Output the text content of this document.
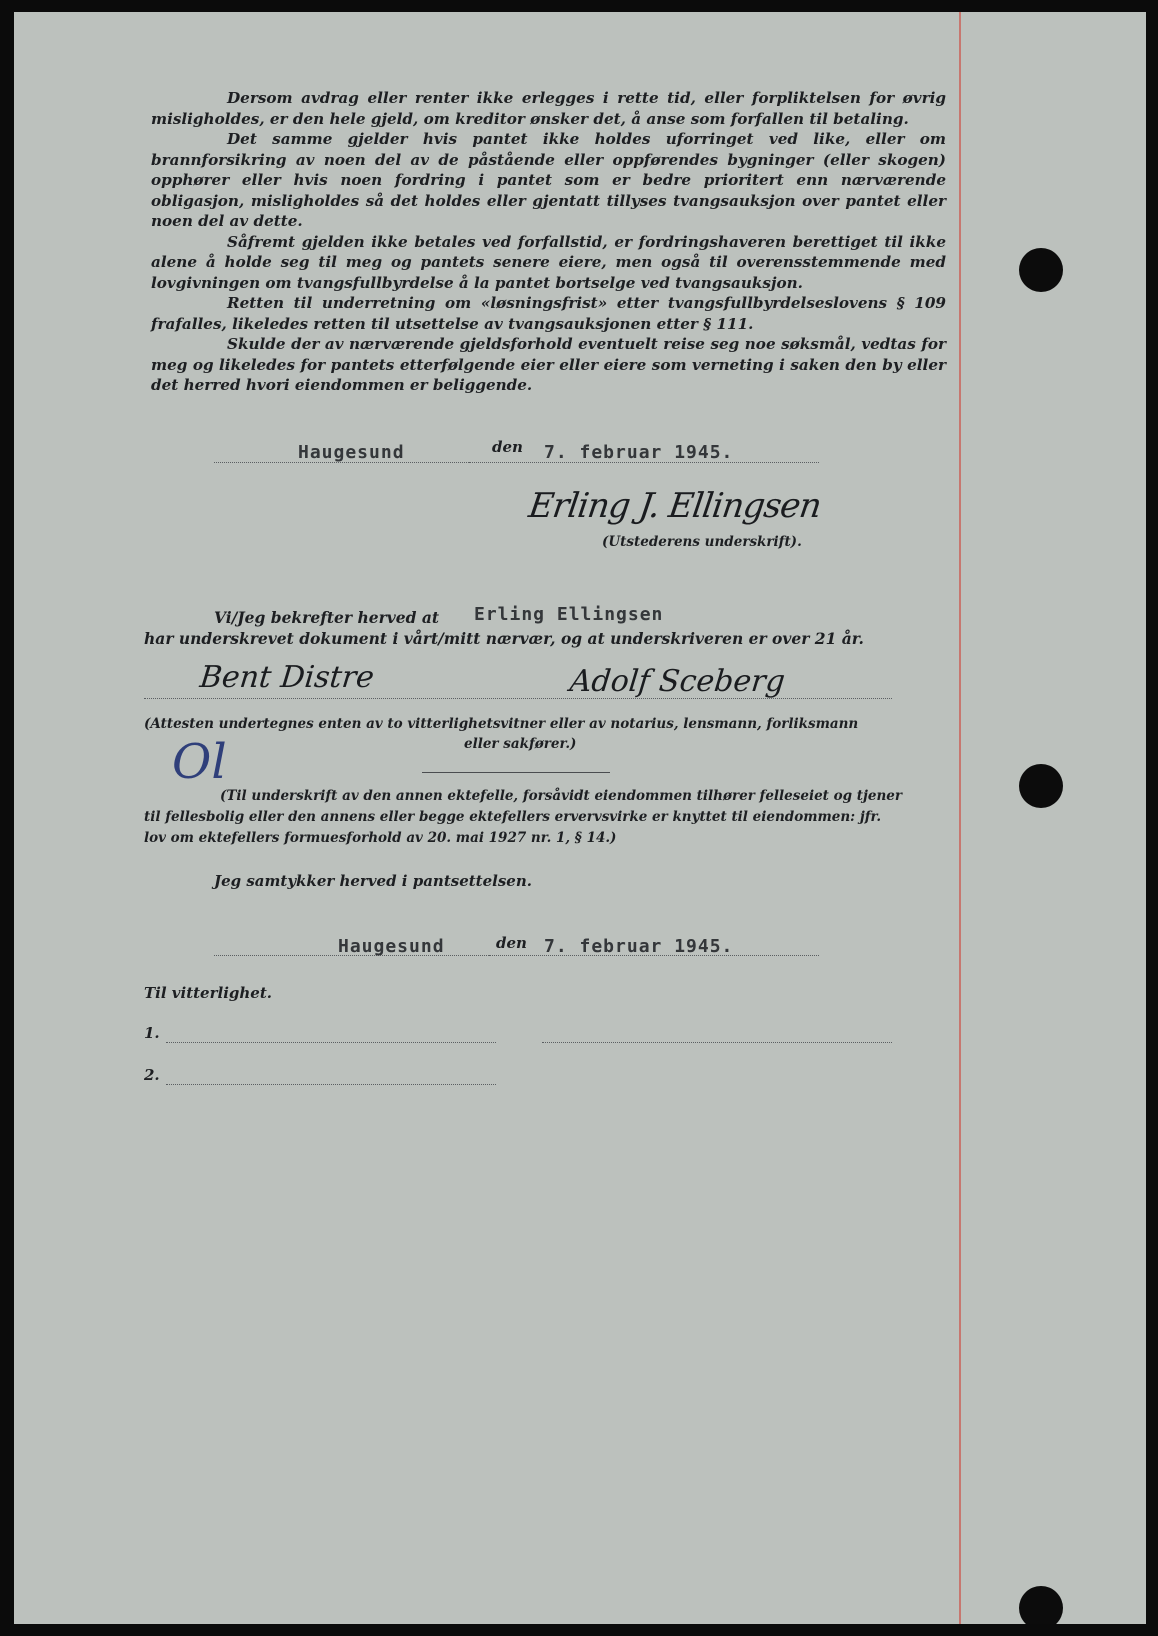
Dersom avdrag eller renter ikke erlegges i rette tid, eller forpliktelsen for øvrig misligholdes, er den hele gjeld, om kreditor ønsker det, å anse som forfallen til betaling.

Det samme gjelder hvis pantet ikke holdes uforringet ved like, eller om brannforsikring av noen del av de påstående eller oppførendes bygninger (eller skogen) opphører eller hvis noen fordring i pantet som er bedre prioritert enn nærværende obligasjon, misligholdes så det holdes eller gjentatt tillyses tvangsauksjon over pantet eller noen del av dette.

Såfremt gjelden ikke betales ved forfallstid, er fordringshaveren berettiget til ikke alene å holde seg til meg og pantets senere eiere, men også til overensstemmende med lovgivningen om tvangsfullbyrdelse å la pantet bortselge ved tvangsauksjon.

Retten til underretning om «løsningsfrist» etter tvangsfullbyrdelseslovens § 109 frafalles, likeledes retten til utsettelse av tvangsauksjonen etter § 111.

Skulde der av nærværende gjeldsforhold eventuelt reise seg noe søksmål, vedtas for meg og likeledes for pantets etterfølgende eier eller eiere som verneting i saken den by eller det herred hvori eiendommen er beliggende.

Haugesund	den 7. februar 1945.
Erling J. Ellingsen
(Utstederens underskrift).
Vi/Jeg bekrefter herved at Erling Ellingsen
har underskrevet dokument i vårt/mitt nærvær, og at underskriveren er over 21 år.
Bent Distre	Adolf Sceberg
(Attesten undertegnes enten av to vitterlighetsvitner eller av notarius, lensmann, forliksmann
eller sakfører.)
Ol
(Til underskrift av den annen ektefelle, forsåvidt eiendommen tilhører felleseiet og tjener
til fellesbolig eller den annens eller begge ektefellers ervervsvirke er knyttet til eiendommen: jfr.
lov om ektefellers formuesforhold av 20. mai 1927 nr. 1, § 14.)
Jeg samtykker herved i pantsettelsen.
Haugesund	den 7. februar 1945.
Til vitterlighet.
1.
2.
